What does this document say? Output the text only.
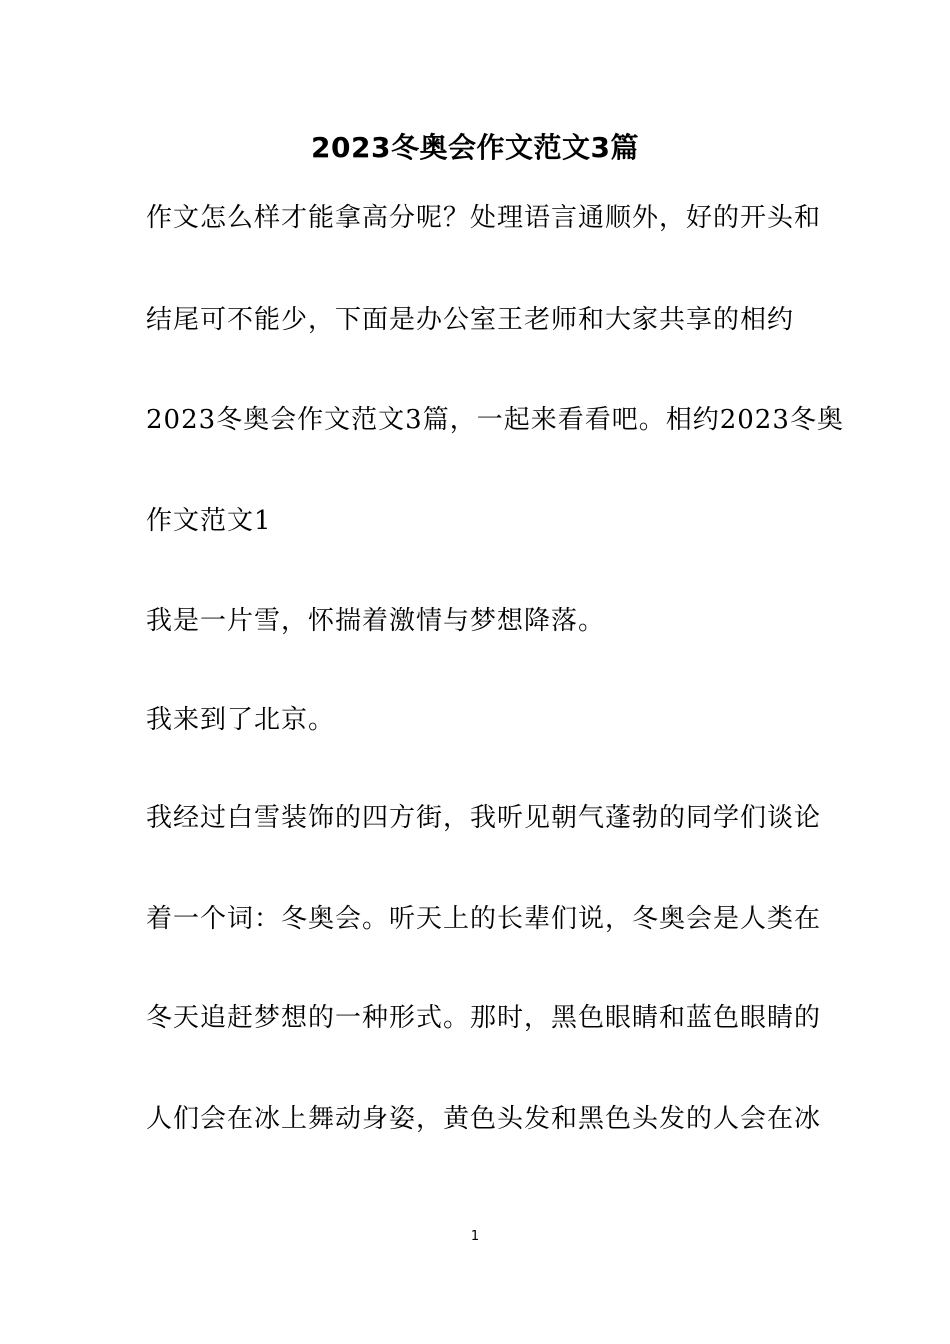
2023冬奥会作文范文3篇
作文怎么样才能拿高分呢？处理语言通顺外，好的开头和
结尾可不能少，下面是办公室王老师和大家共享的相约
2023冬奥会作文范文3篇，一起来看看吧。相约2023冬奥
作文范文1
我是一片雪，怀揣着激情与梦想降落。
我来到了北京。
我经过白雪装饰的四方街，我听见朝气蓬勃的同学们谈论
着一个词：冬奥会。听天上的长辈们说，冬奥会是人类在
冬天追赶梦想的一种形式。那时，黑色眼睛和蓝色眼睛的
人们会在冰上舞动身姿，黄色头发和黑色头发的人会在冰
1
